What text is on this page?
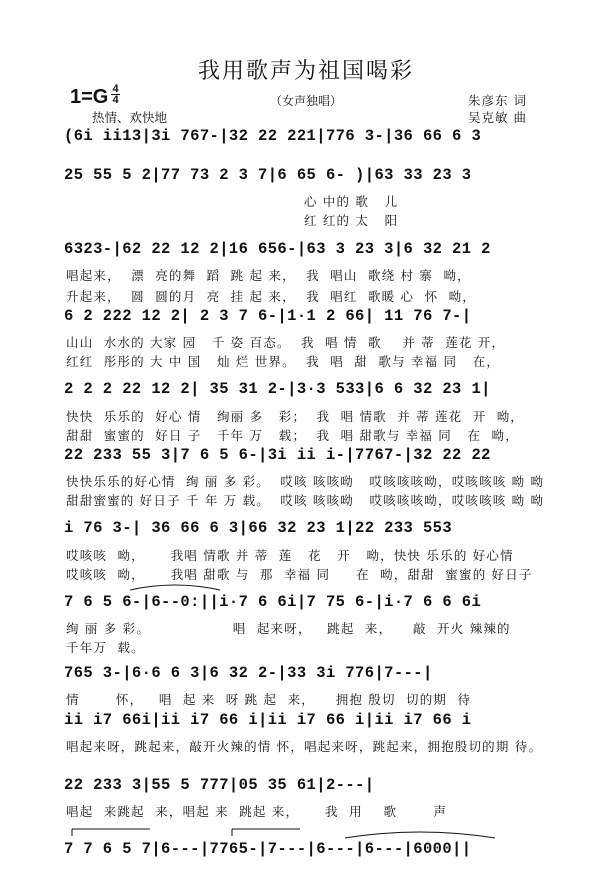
我用歌声为祖国喝彩
1=G 4
4	（女声独唱）	朱彦东 词
吴克敏 曲
热情、欢快地
(6i ii13|3i 767-|32 22 221|776 3-|36 66 6 3
25 55 5 2|77 73 2 3 7|6 65 6- )|63 33 23 3
心 中的 歌   儿
红 红的 太   阳
6323-|62 22 12 2|16 656-|63 3 23 3|6 32 21 2
唱起来，  漂  亮的舞  蹈  跳 起 来，  我  唱山  歌绕 村 寨  呦，
升起来，  圆  圆的月  亮  挂 起 来，  我  唱红  歌暖 心  怀  呦，
6 2 222 12 2| 2 3 7 6-|1·1 2 66| 11 76 7-|
山山  水水的 大家 园   千 姿 百态。  我  唱 情  歌    并 蒂  莲花 开，
红红  彤彤的 大 中 国   灿 烂 世界。  我  唱  甜  歌与 幸福 同   在，
2 2 2 22 12 2| 35 31 2-|3·3 533|6 6 32 23 1|
快快  乐乐的  好心 情   绚丽 多   彩；  我  唱 情歌  并 蒂 莲花  开  呦，
甜甜  蜜蜜的  好日 子   千年 万   载；  我  唱 甜歌与 幸福 同   在  呦，
22 233 55 3|7 6 5 6-|3i ii i-|7767-|32 22 22
快快乐乐的好心情  绚 丽 多 彩。  哎咳 咳咳呦   哎咳咳咳呦，哎咳咳咳 呦 呦
甜甜蜜蜜的 好日子 千 年 万 载。  哎咳 咳咳呦   哎咳咳咳呦，哎咳咳咳 呦 呦
i 76 3-| 36 66 6 3|66 32 23 1|22 233 553
哎咳咳  呦，     我唱 情歌 并 蒂  莲   花   开   呦，快快 乐乐的 好心情
哎咳咳  呦，     我唱 甜歌 与  那  幸福 同     在  呦，甜甜  蜜蜜的 好日子
7 6 5 6-|6--0:||i·7 6 6i|7 75 6-|i·7 6 6 6i
绚 丽 多 彩。                唱  起来呀，   跳起  来，    敲  开火 辣辣的
千年万  载。
765 3-|6·6 6 3|6 32 2-|33 3i 776|7---|
情       怀，   唱  起 来  呀 跳 起  来，    拥抱 殷切  切的期  待
ii i7 66i|ii i7 66 i|ii i7 66 i|ii i7 66 i
唱起来呀，跳起来，敲开火辣的情 怀，唱起来呀，跳起来，拥抱殷切的期 待。
22 233 3|55 5 777|05 35 61|2---|
唱起  来跳起  来，唱起 来  跳起 来，     我  用    歌       声
7 7 6 5 7|6---|7765-|7---|6---|6---|6000||
